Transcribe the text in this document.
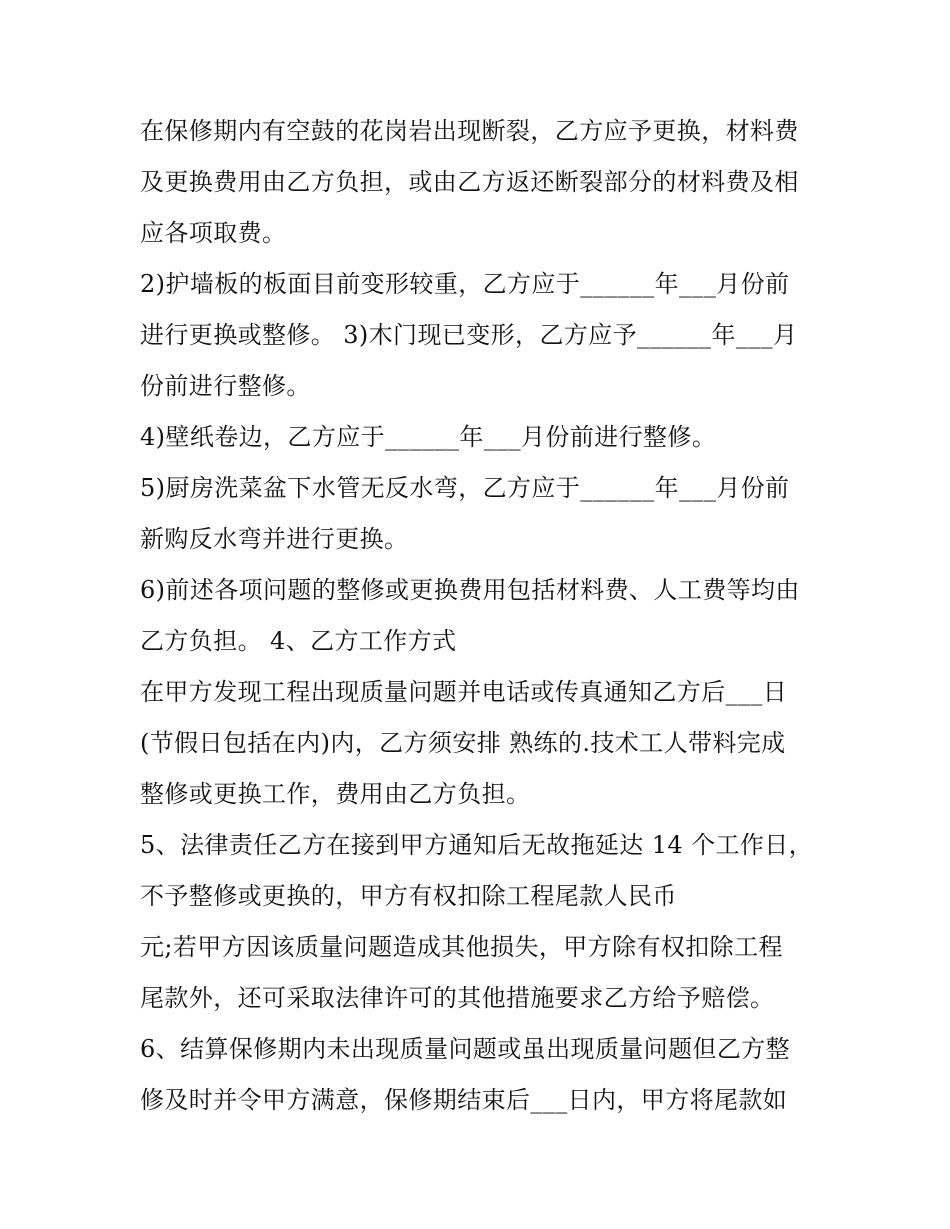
在保修期内有空鼓的花岗岩出现断裂，乙方应予更换，材料费
及更换费用由乙方负担，或由乙方返还断裂部分的材料费及相
应各项取费。
2)护墙板的板面目前变形较重，乙方应于______年___月份前
进行更换或整修。 3)木门现已变形，乙方应予______年___月
份前进行整修。
4)壁纸卷边，乙方应于______年___月份前进行整修。
5)厨房洗菜盆下水管无反水弯，乙方应于______年___月份前
新购反水弯并进行更换。
6)前述各项问题的整修或更换费用包括材料费、人工费等均由
乙方负担。 4、乙方工作方式
在甲方发现工程出现质量问题并电话或传真通知乙方后___日
(节假日包括在内)内，乙方须安排 熟练的.技术工人带料完成
整修或更换工作，费用由乙方负担。
5、法律责任乙方在接到甲方通知后无故拖延达 14 个工作日，
不予整修或更换的，甲方有权扣除工程尾款人民币
元;若甲方因该质量问题造成其他损失，甲方除有权扣除工程
尾款外，还可采取法律许可的其他措施要求乙方给予赔偿。
6、结算保修期内未出现质量问题或虽出现质量问题但乙方整
修及时并令甲方满意，保修期结束后___日内，甲方将尾款如
